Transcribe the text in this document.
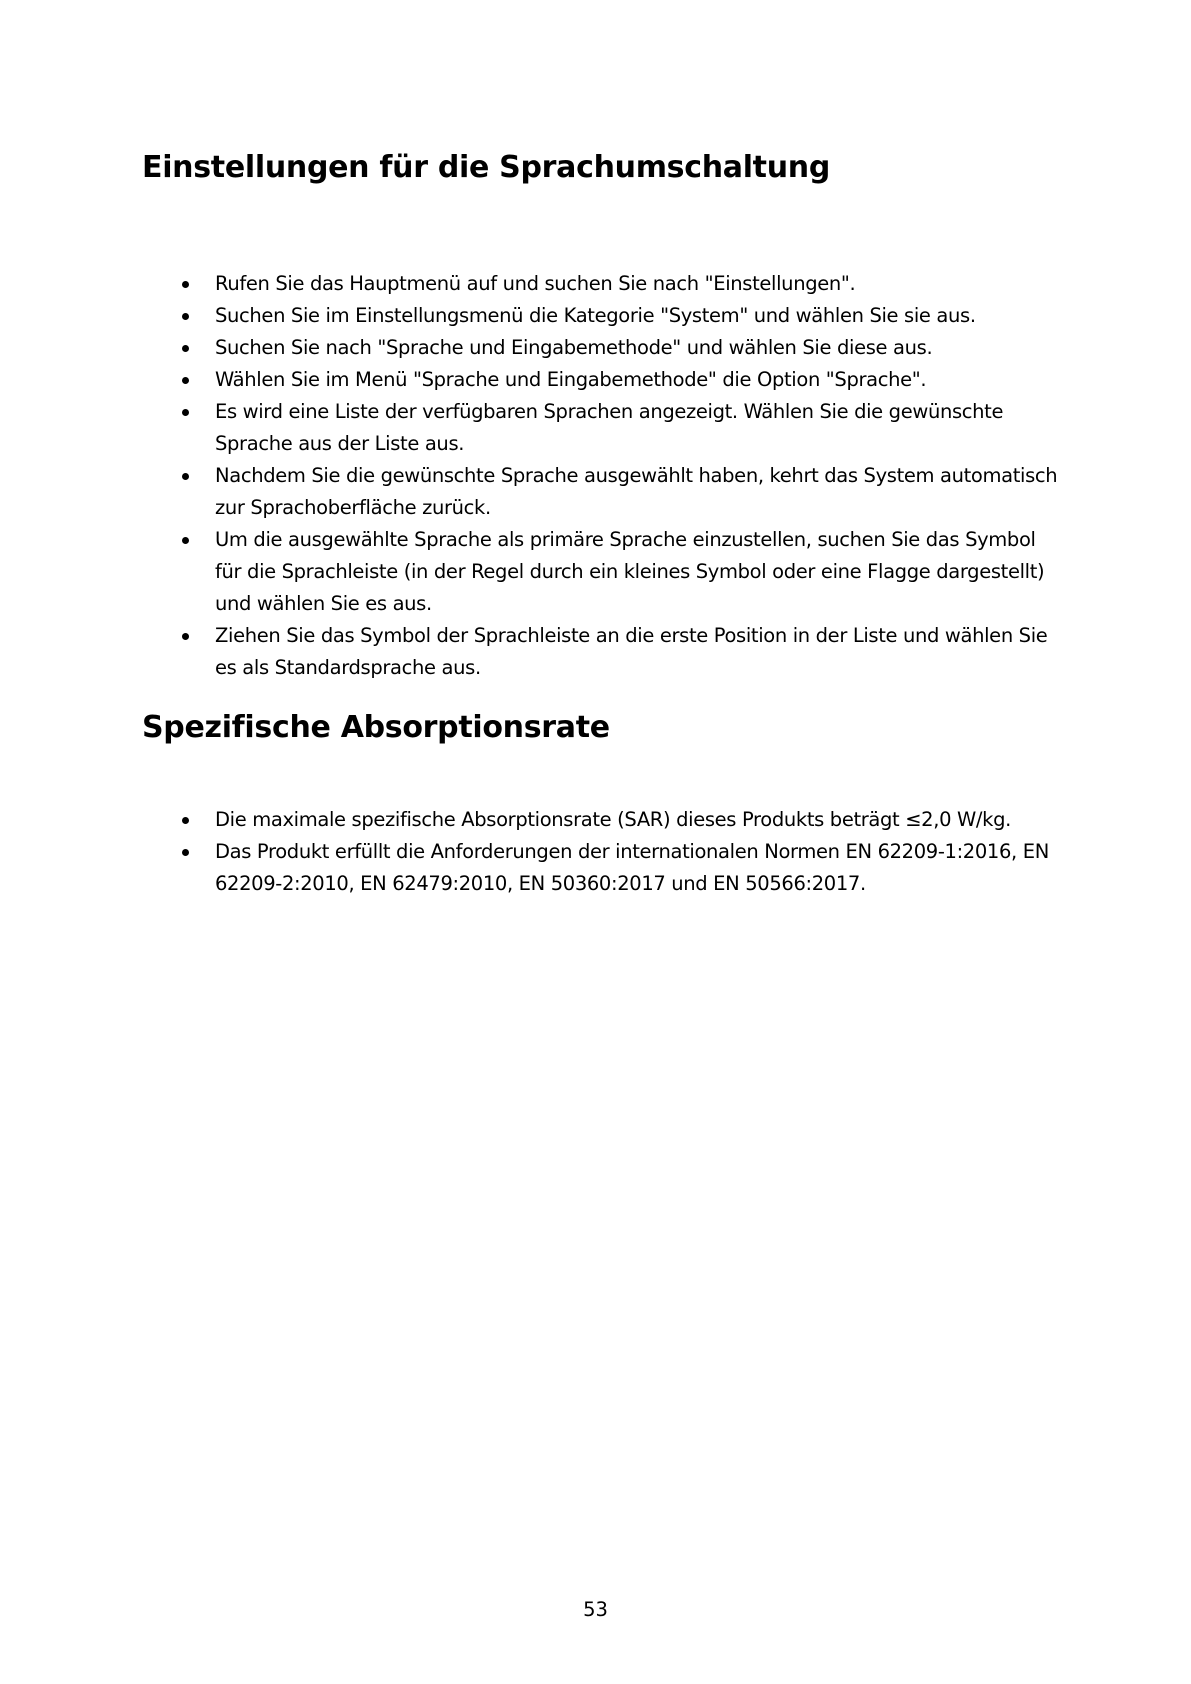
Einstellungen für die Sprachumschaltung
Rufen Sie das Hauptmenü auf und suchen Sie nach "Einstellungen".
Suchen Sie im Einstellungsmenü die Kategorie "System" und wählen Sie sie aus.
Suchen Sie nach "Sprache und Eingabemethode" und wählen Sie diese aus.
Wählen Sie im Menü "Sprache und Eingabemethode" die Option "Sprache".
Es wird eine Liste der verfügbaren Sprachen angezeigt. Wählen Sie die gewünschte Sprache aus der Liste aus.
Nachdem Sie die gewünschte Sprache ausgewählt haben, kehrt das System automatisch zur Sprachoberfläche zurück.
Um die ausgewählte Sprache als primäre Sprache einzustellen, suchen Sie das Symbol für die Sprachleiste (in der Regel durch ein kleines Symbol oder eine Flagge dargestellt) und wählen Sie es aus.
Ziehen Sie das Symbol der Sprachleiste an die erste Position in der Liste und wählen Sie es als Standardsprache aus.
Spezifische Absorptionsrate
Die maximale spezifische Absorptionsrate (SAR) dieses Produkts beträgt ≤2,0 W/kg.
Das Produkt erfüllt die Anforderungen der internationalen Normen EN 62209-1:2016, EN 62209-2:2010, EN 62479:2010, EN 50360:2017 und EN 50566:2017.
53
